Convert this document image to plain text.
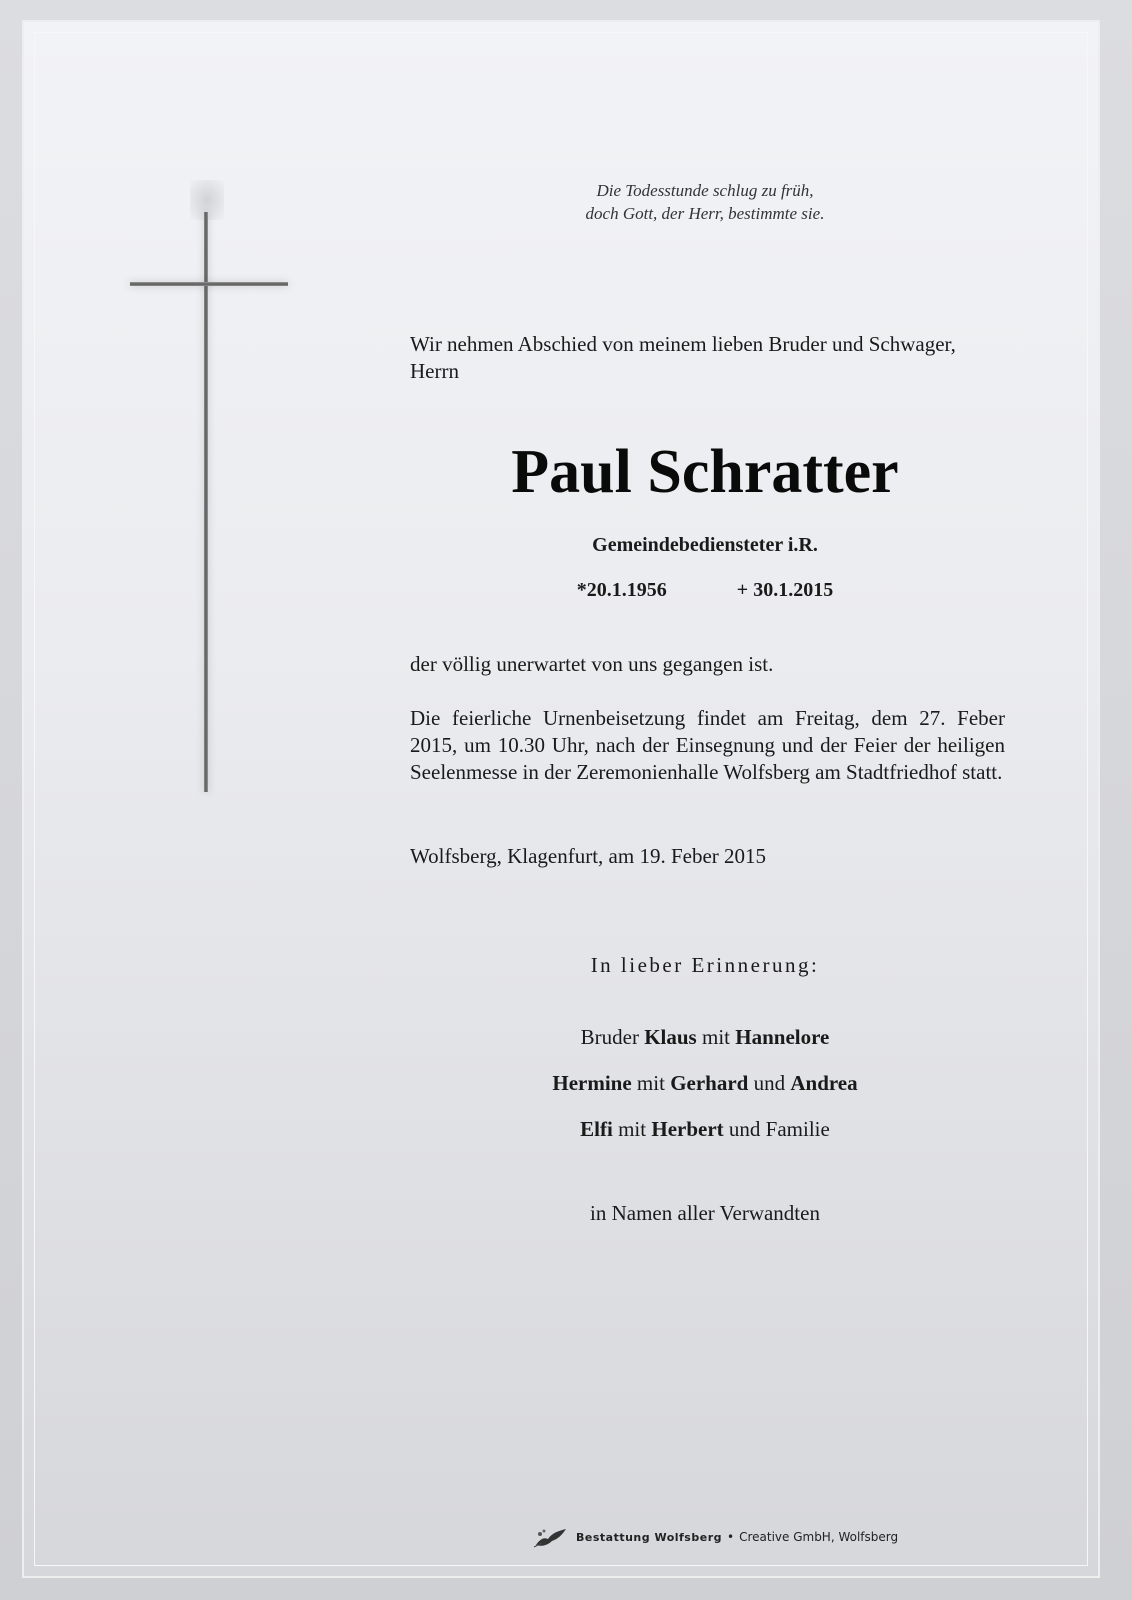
Die Todesstunde schlug zu früh,
doch Gott, der Herr, bestimmte sie.
Wir nehmen Abschied von meinem lieben Bruder und Schwager, Herrn
Paul Schratter
Gemeindebediensteter i.R.
*20.1.1956              + 30.1.2015
der völlig unerwartet von uns gegangen ist.
Die feierliche Urnenbeisetzung findet am Freitag, dem 27. Feber 2015, um 10.30 Uhr, nach der Einsegnung und der Feier der heiligen Seelenmesse in der Zeremonienhalle Wolfsberg am Stadtfriedhof statt.
Wolfsberg, Klagenfurt, am 19. Feber 2015
In lieber Erinnerung:
Bruder Klaus mit Hannelore
Hermine mit Gerhard und Andrea
Elfi mit Herbert und Familie
in Namen aller Verwandten
Bestattung Wolfsberg • Creative GmbH, Wolfsberg
